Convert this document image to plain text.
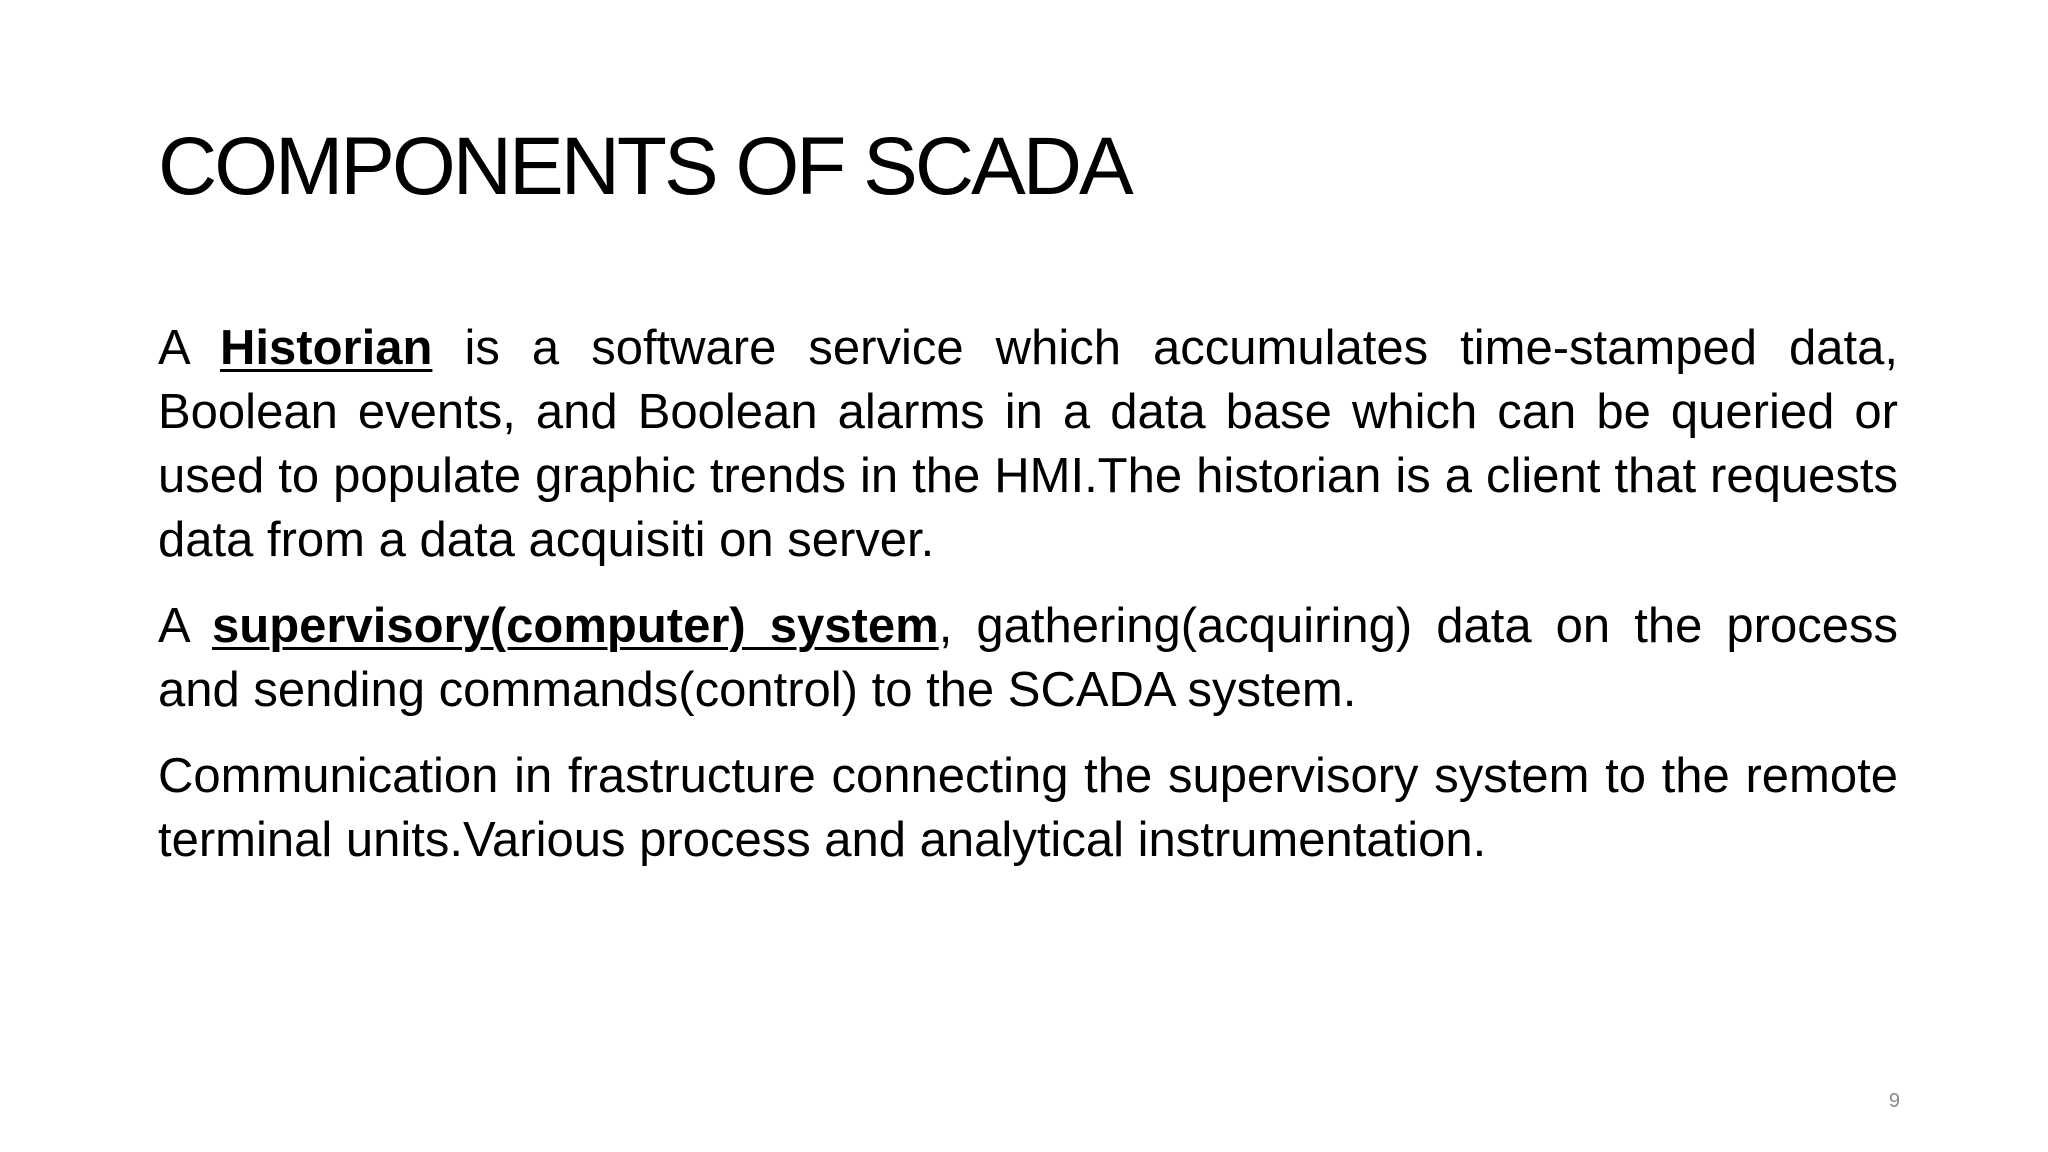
COMPONENTS OF SCADA

A Historian is a software service which accumulates time-stamped data, Boolean events, and Boolean alarms in a data base which can be queried or used to populate graphic trends in the HMI.The historian is a client that requests data from a data acquisiti on server.

A supervisory(computer) system, gathering(acquiring) data on the process and sending commands(control) to the SCADA system.

Communication in frastructure connecting the supervisory system to the remote terminal units.Various process and analytical instrumentation.

9
